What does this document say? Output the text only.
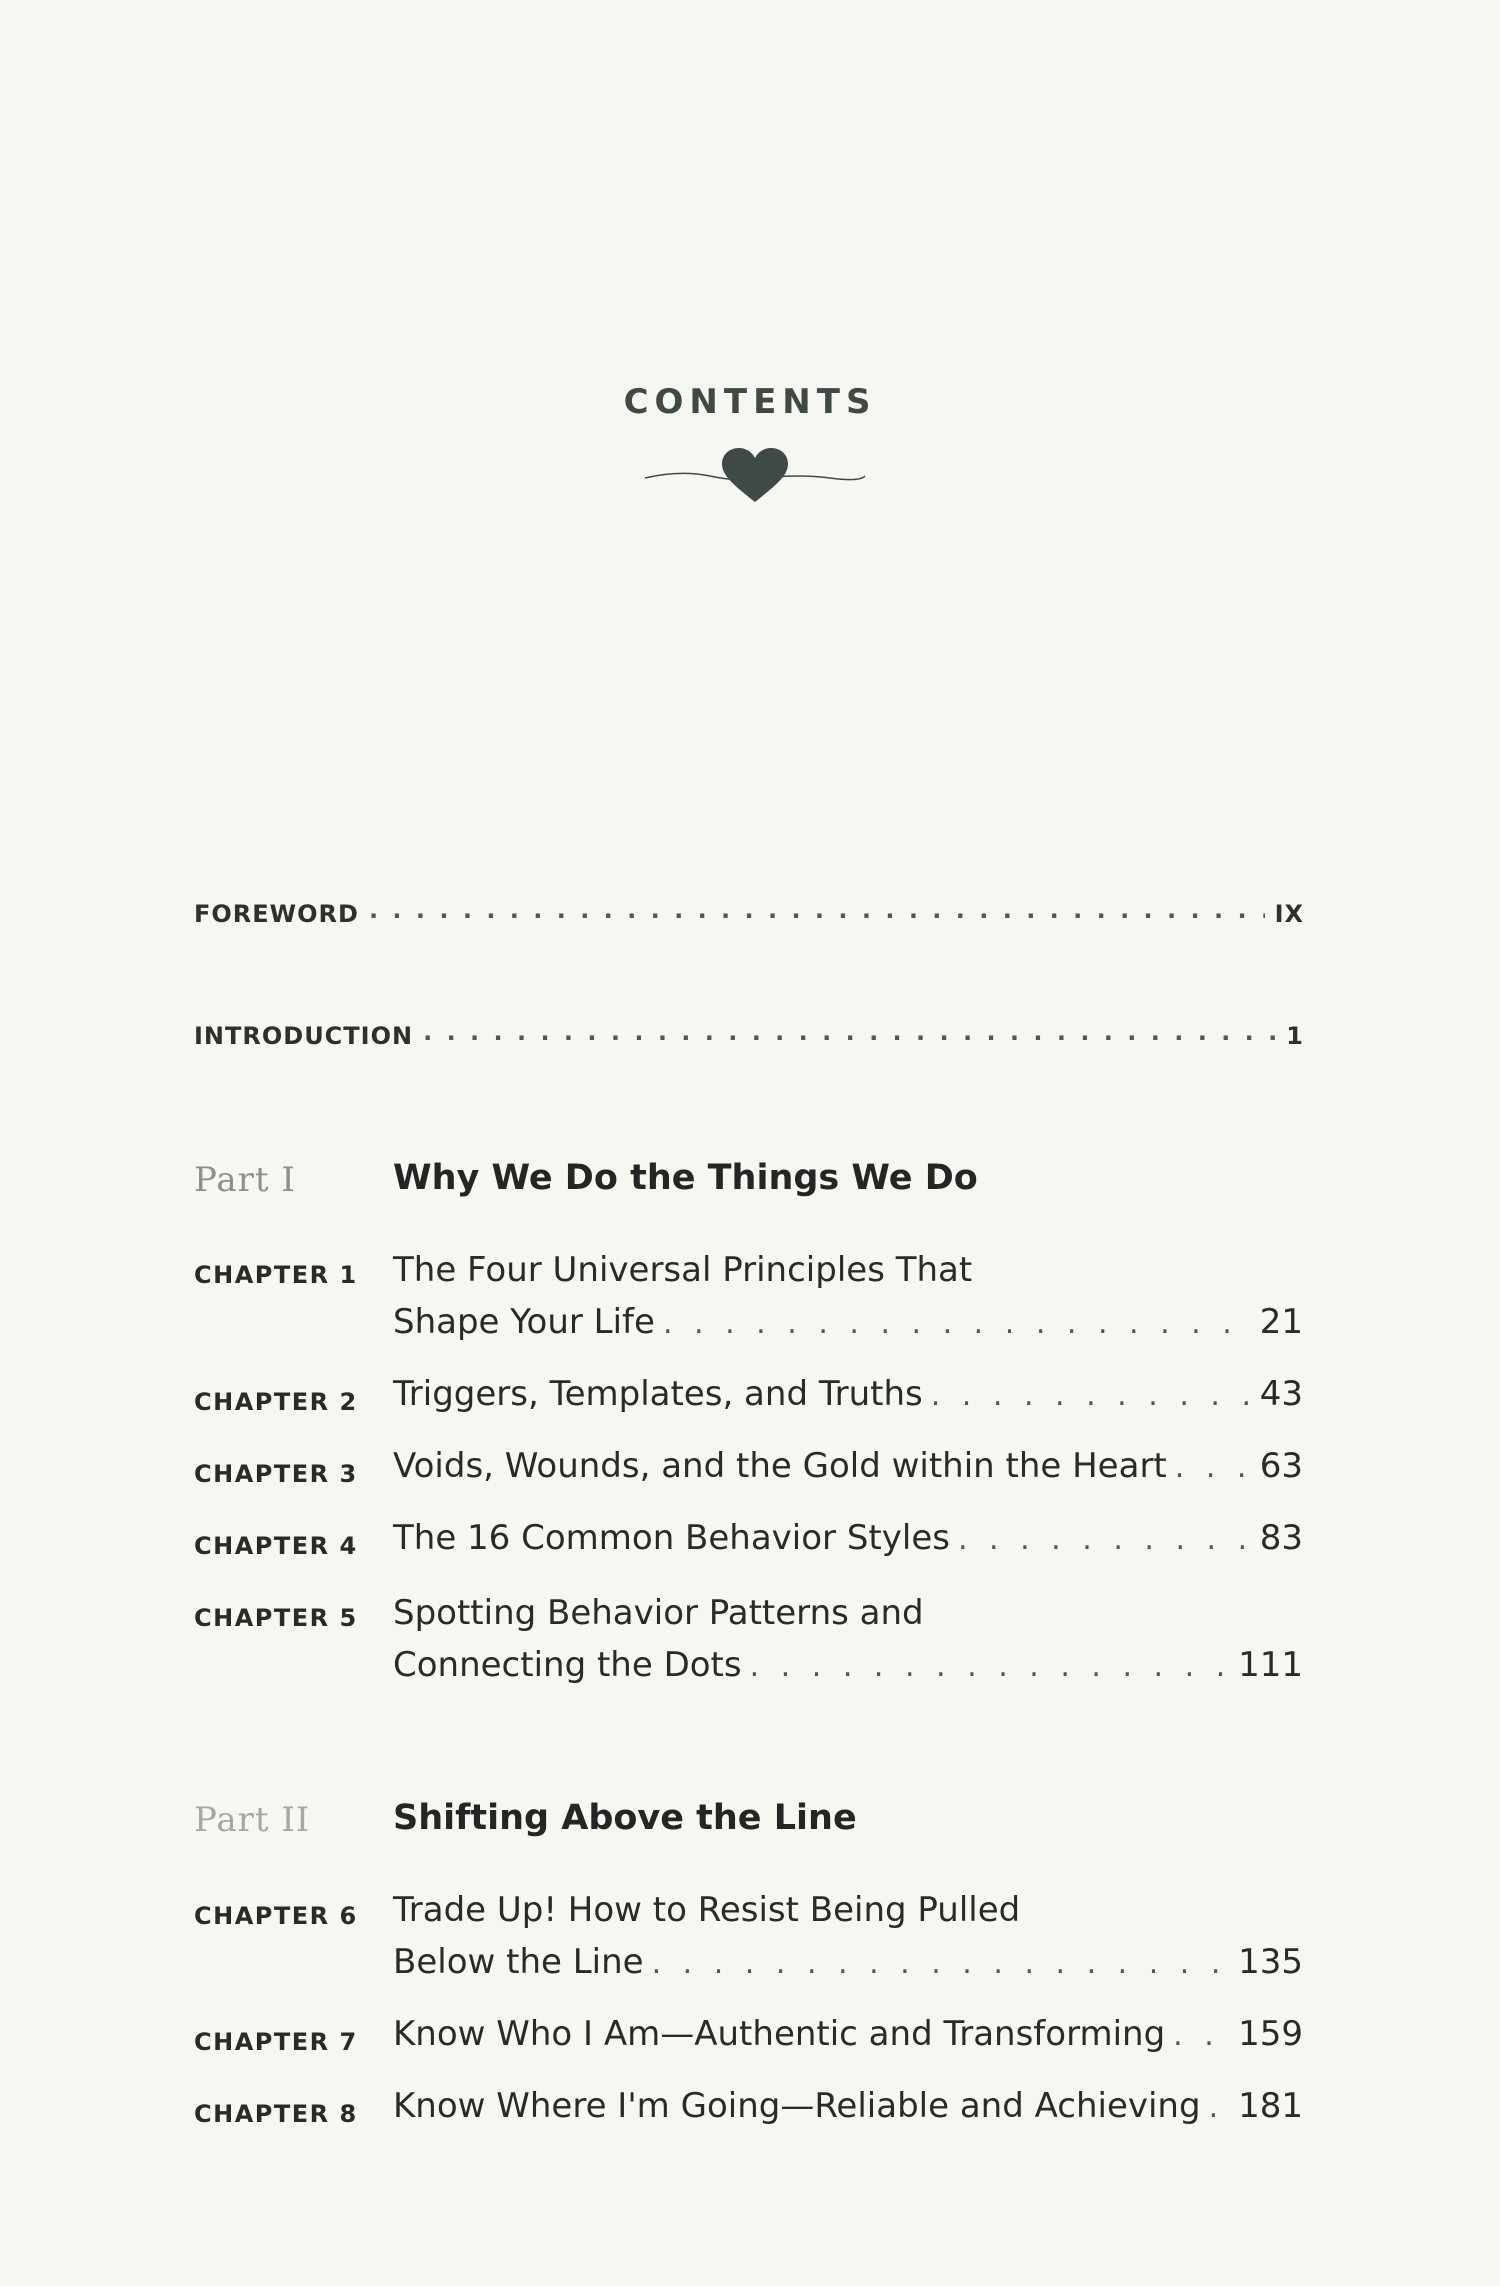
CONTENTS
FOREWORD . . .	IX
INTRODUCTION . . .	1
Part I	Why We Do the Things We Do
CHAPTER 1	The Four Universal Principles That
Shape Your Life . . .	21
CHAPTER 2	Triggers, Templates, and Truths . . .	43
CHAPTER 3	Voids, Wounds, and the Gold within the Heart . . .	63
CHAPTER 4	The 16 Common Behavior Styles . . .	83
CHAPTER 5	Spotting Behavior Patterns and
Connecting the Dots . . .	111
Part II	Shifting Above the Line
CHAPTER 6	Trade Up! How to Resist Being Pulled
Below the Line . . .	135
CHAPTER 7	Know Who I Am—Authentic and Transforming . . . 159
CHAPTER 8	Know Where I'm Going—Reliable and Achieving . . . 181
